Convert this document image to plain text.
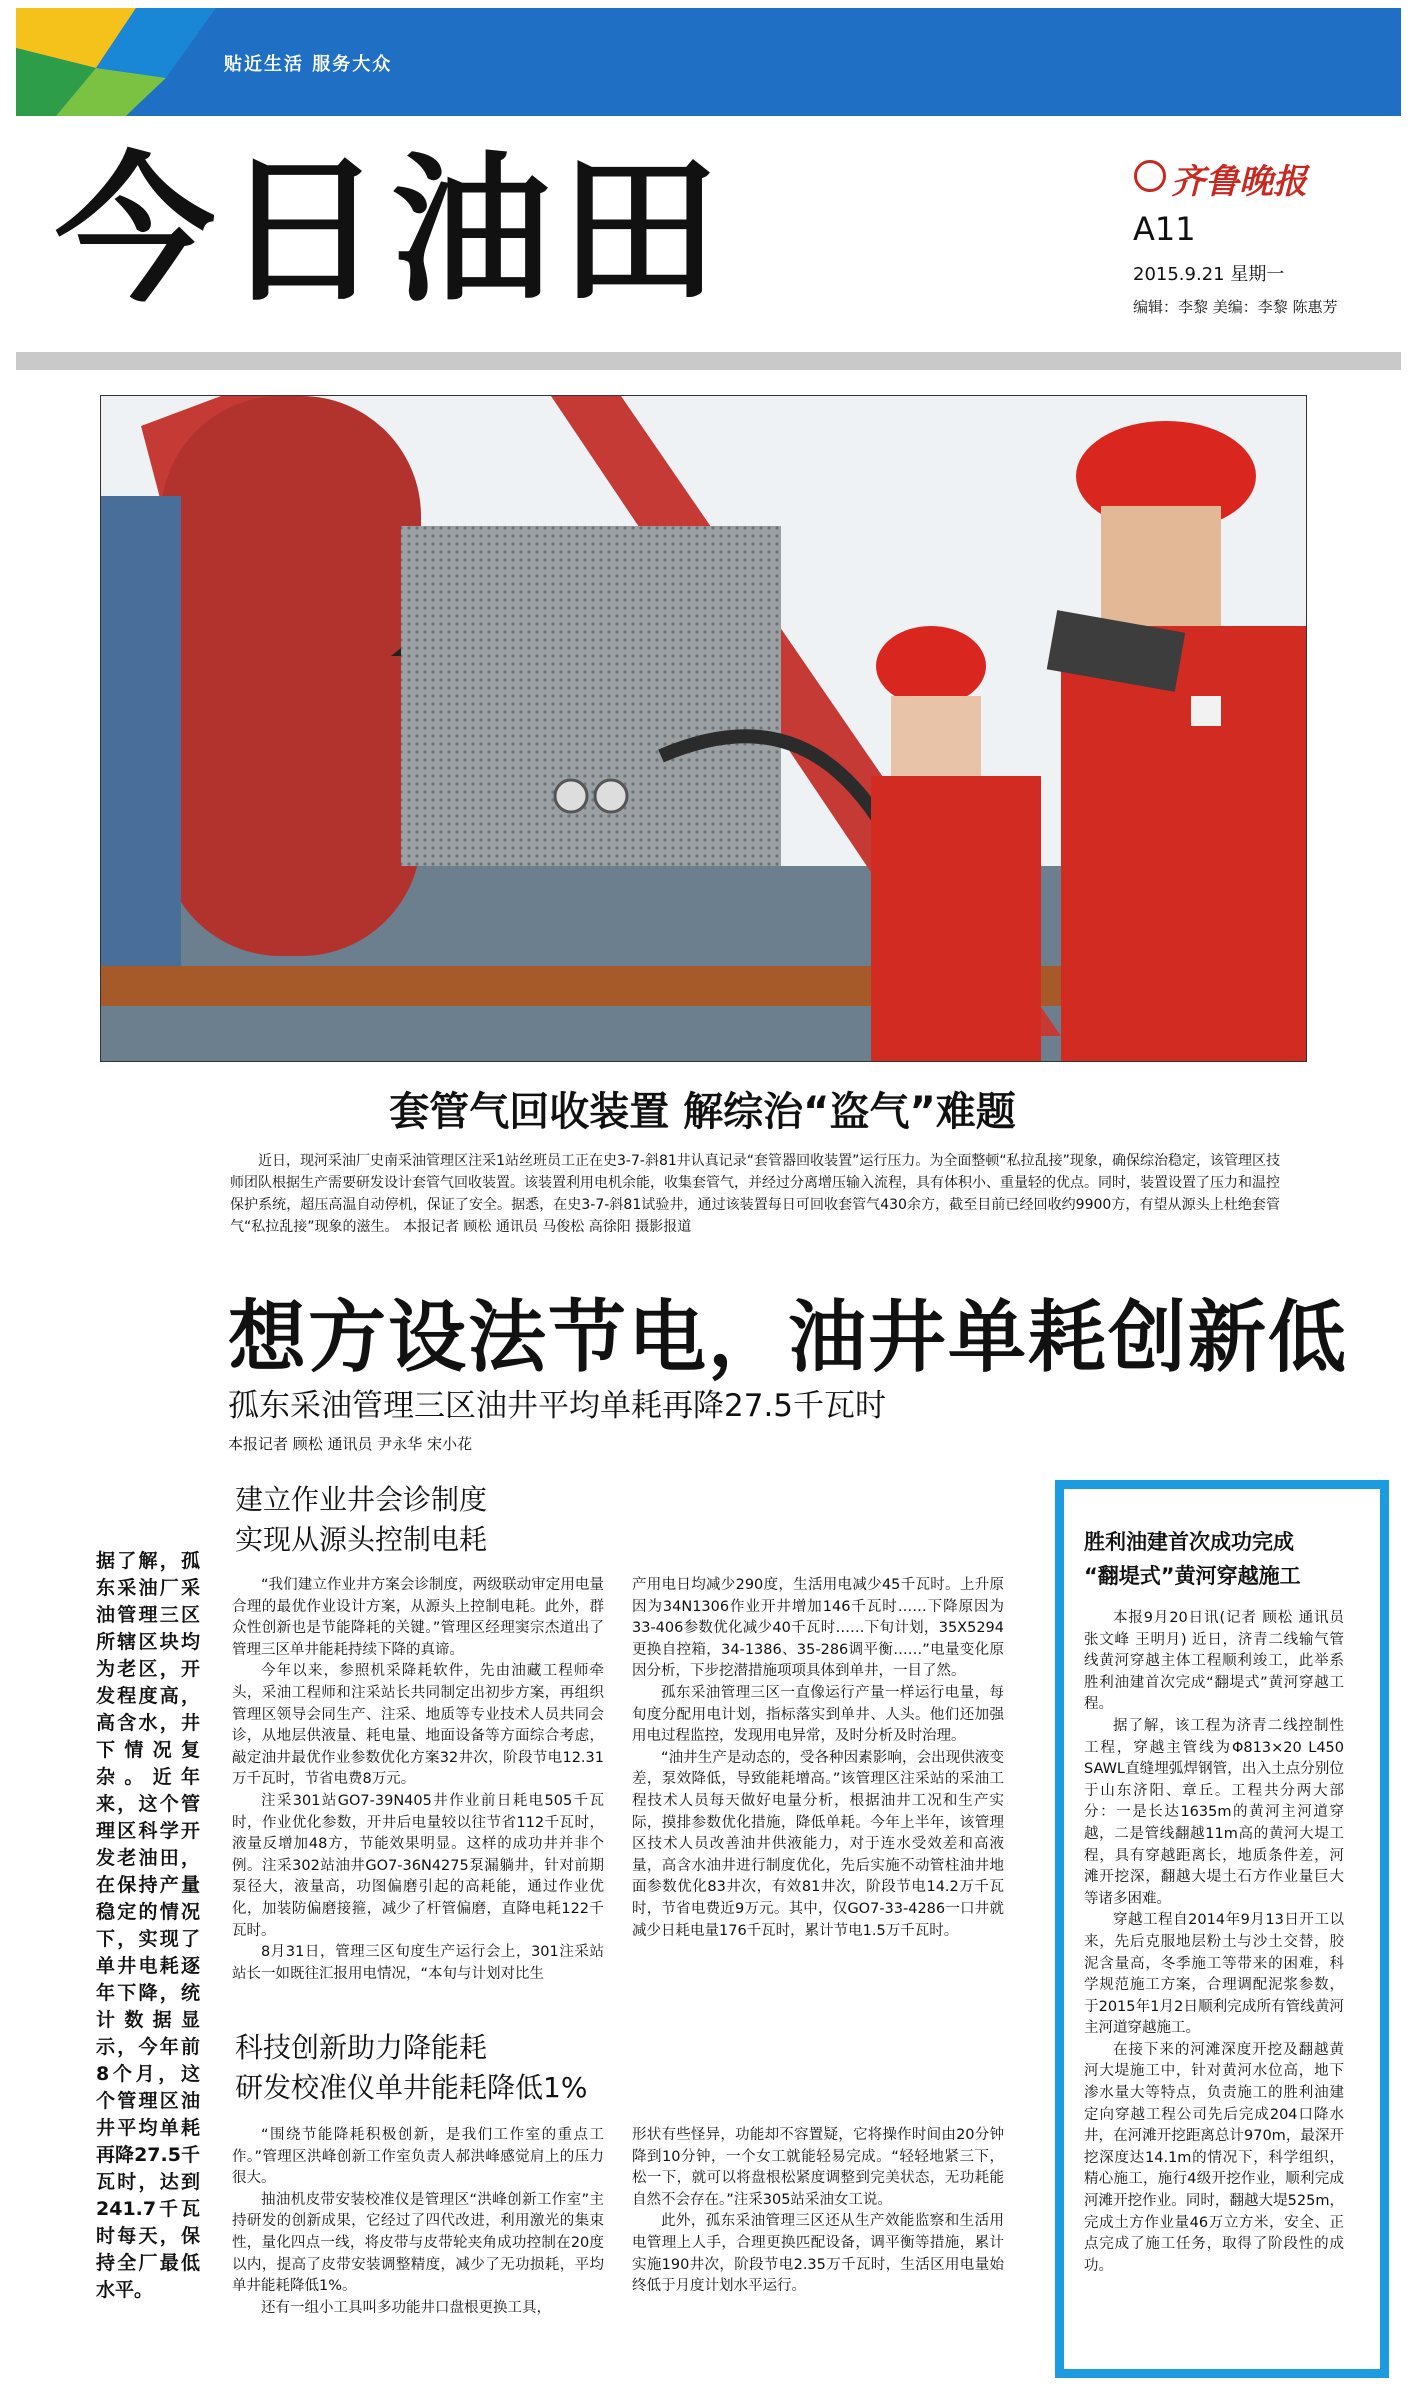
贴近生活 服务大众
今日油田	齐鲁晚报
A11
2015.9.21 星期一
编辑：李黎 美编：李黎 陈惠芳
套管气回收装置 解综治“盗气”难题
近日，现河采油厂史南采油管理区注采1站丝班员工正在史3-7-斜81井认真记录“套管器回收装置”运行压力。为全面整顿“私拉乱接”现象，确保综治稳定，该管理区技师团队根据生产需要研发设计套管气回收装置。该装置利用电机余能，收集套管气，并经过分离增压输入流程，具有体积小、重量轻的优点。同时，装置设置了压力和温控保护系统，超压高温自动停机，保证了安全。据悉，在史3-7-斜81试验井，通过该装置每日可回收套管气430余方，截至目前已经回收约9900方，有望从源头上杜绝套管气“私拉乱接”现象的滋生。 本报记者 顾松 通讯员 马俊松 高徐阳 摄影报道
想方设法节电，油井单耗创新低
孤东采油管理三区油井平均单耗再降27.5千瓦时
本报记者 顾松 通讯员 尹永华 宋小花
建立作业井会诊制度
实现从源头控制电耗
据了解，孤东采油厂采油管理三区所辖区块均为老区，开发程度高，高含水，井下情况复杂。近年来，这个管理区科学开发老油田，在保持产量稳定的情况下，实现了单井电耗逐年下降，统计数据显示，今年前8个月，这个管理区油井平均单耗再降27.5千瓦时，达到241.7千瓦时每天，保持全厂最低水平。

“我们建立作业井方案会诊制度，两级联动审定用电量合理的最优作业设计方案，从源头上控制电耗。此外，群众性创新也是节能降耗的关键。”管理区经理窦宗杰道出了管理三区单井能耗持续下降的真谛。

今年以来，参照机采降耗软件，先由油藏工程师牵头，采油工程师和注采站长共同制定出初步方案，再组织管理区领导会同生产、注采、地质等专业技术人员共同会诊，从地层供液量、耗电量、地面设备等方面综合考虑，敲定油井最优作业参数优化方案32井次，阶段节电12.31万千瓦时，节省电费8万元。

注采301站GO7-39N405井作业前日耗电505千瓦时，作业优化参数，开井后电量较以往节省112千瓦时，液量反增加48方，节能效果明显。这样的成功井并非个例。注采302站油井GO7-36N4275泵漏躺井，针对前期泵径大，液量高，功图偏磨引起的高耗能，通过作业优化，加装防偏磨接箍，减少了杆管偏磨，直降电耗122千瓦时。

8月31日，管理三区旬度生产运行会上，301注采站站长一如既往汇报用电情况，“本旬与计划对比生

产用电日均减少290度，生活用电减少45千瓦时。上升原因为34N1306作业开井增加146千瓦时……下降原因为33-406参数优化减少40千瓦时……下旬计划，35X5294更换自控箱，34-1386、35-286调平衡……”电量变化原因分析，下步挖潜措施项项具体到单井，一目了然。

孤东采油管理三区一直像运行产量一样运行电量，每旬度分配用电计划，指标落实到单井、人头。他们还加强用电过程监控，发现用电异常，及时分析及时治理。

“油井生产是动态的，受各种因素影响，会出现供液变差，泵效降低，导致能耗增高。”该管理区注采站的采油工程技术人员每天做好电量分析，根据油井工况和生产实际，摸排参数优化措施，降低单耗。今年上半年，该管理区技术人员改善油井供液能力，对于连水受效差和高液量，高含水油井进行制度优化，先后实施不动管柱油井地面参数优化83井次，有效81井次，阶段节电14.2万千瓦时，节省电费近9万元。其中，仅GO7-33-4286一口井就减少日耗电量176千瓦时，累计节电1.5万千瓦时。

科技创新助力降能耗
研发校准仪单井能耗降低1%

“围绕节能降耗积极创新，是我们工作室的重点工作。”管理区洪峰创新工作室负责人郝洪峰感觉肩上的压力很大。

抽油机皮带安装校准仪是管理区“洪峰创新工作室”主持研发的创新成果，它经过了四代改进，利用激光的集束性，量化四点一线，将皮带与皮带轮夹角成功控制在20度以内，提高了皮带安装调整精度，减少了无功损耗，平均单井能耗降低1%。

还有一组小工具叫多功能井口盘根更换工具，

形状有些怪异，功能却不容置疑，它将操作时间由20分钟降到10分钟，一个女工就能轻易完成。“轻轻地紧三下，松一下，就可以将盘根松紧度调整到完美状态，无功耗能自然不会存在。”注采305站采油女工说。

此外，孤东采油管理三区还从生产效能监察和生活用电管理上人手，合理更换匹配设备，调平衡等措施，累计实施190井次，阶段节电2.35万千瓦时，生活区用电量始终低于月度计划水平运行。

胜利油建首次成功完成
“翻堤式”黄河穿越施工

本报9月20日讯(记者 顾松 通讯员 张文峰 王明月) 近日，济青二线输气管线黄河穿越主体工程顺利竣工，此举系胜利油建首次完成“翻堤式”黄河穿越工程。

据了解，该工程为济青二线控制性工程，穿越主管线为Φ813×20 L450 SAWL直缝埋弧焊钢管，出入土点分别位于山东济阳、章丘。工程共分两大部分：一是长达1635m的黄河主河道穿越，二是管线翻越11m高的黄河大堤工程，具有穿越距离长，地质条件差，河滩开挖深，翻越大堤土石方作业量巨大等诸多困难。

穿越工程自2014年9月13日开工以来，先后克服地层粉土与沙土交替，胶泥含量高，冬季施工等带来的困难，科学规范施工方案，合理调配泥浆参数，于2015年1月2日顺利完成所有管线黄河主河道穿越施工。

在接下来的河滩深度开挖及翻越黄河大堤施工中，针对黄河水位高，地下渗水量大等特点，负责施工的胜利油建定向穿越工程公司先后完成204口降水井，在河滩开挖距离总计970m，最深开挖深度达14.1m的情况下，科学组织，精心施工，施行4级开挖作业，顺利完成河滩开挖作业。同时，翻越大堤525m，完成土方作业量46万立方米，安全、正点完成了施工任务，取得了阶段性的成功。
